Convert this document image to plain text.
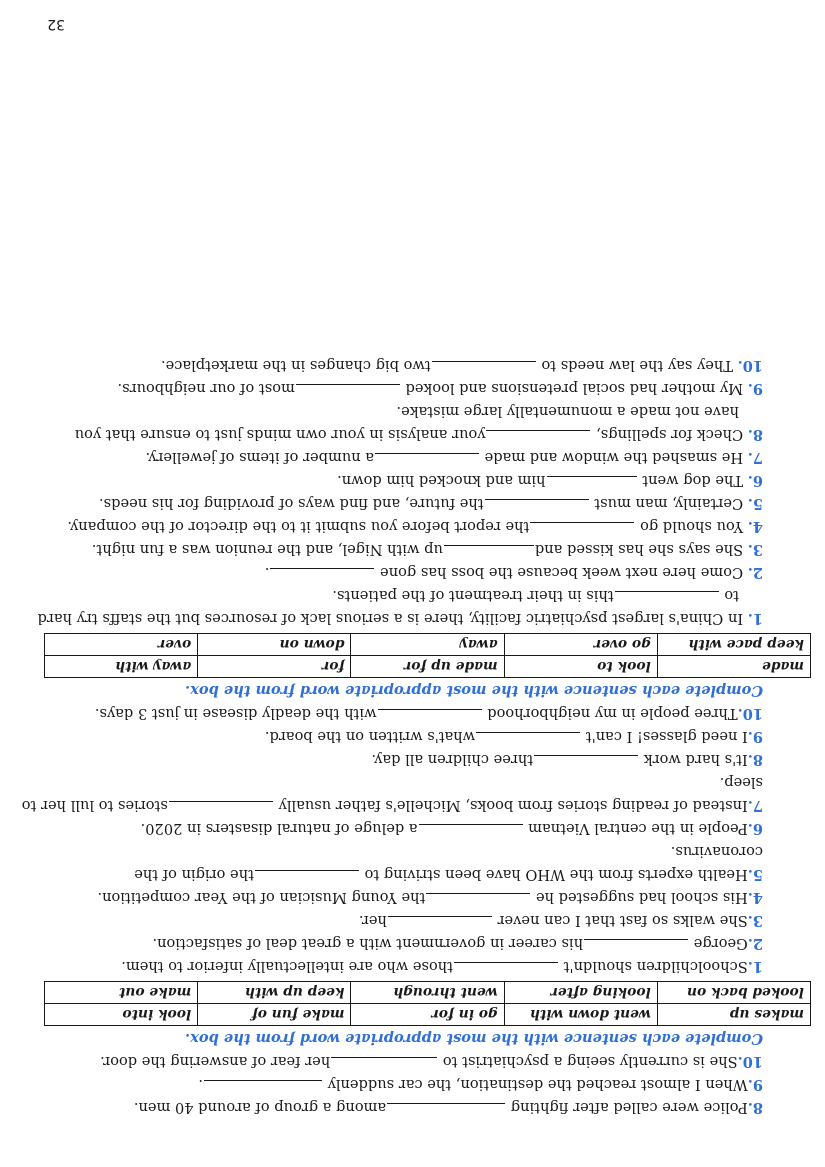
8.Police were called after fighting among a group of around 40 men.
9.When I almost reached the destination, the car suddenly .
10.She is currently seeing a psychiatrist to her fear of answering the door.
Complete each sentence with the most appropriate word from the box.
makes up	went down with	go in for	make fun of	look into
looked back on	looking after	went through	keep up with	make out
1.Schoolchildren shouldn't those who are intellectually inferior to them.
2.George his career in government with a great deal of satisfaction.
3.She walks so fast that I can never her.
4.His school had suggested he the Young Musician of the Year competition.
5.Health experts from the WHO have been striving to the origin of the
coronavirus.
6.People in the central Vietnam a deluge of natural disasters in 2020.
7.Instead of reading stories from books, Michelle's father usually stories to lull her to
sleep.
8.It's hard work three children all day.
9.I need glasses! I can't what's written on the board.
10.Three people in my neighborhood with the deadly disease in just 3 days.
Complete each sentence with the most appropriate word from the box.
made	look to	made up for	for	away with
keep pace with	go over	away	down on	over
1. In China's largest psychiatric facility, there is a serious lack of resources but the staffs try hard
to this in their treatment of the patients.
2. Come here next week because the boss has gone .
3. She says she has kissed andup with Nigel, and the reunion was a fun night.
4. You should go the report before you submit it to the director of the company.
5. Certainly, man must the future, and find ways of providing for his needs.
6. The dog went him and knocked him down.
7. He smashed the window and made a number of items of jewellery.
8. Check for spellings, your analysis in your own minds just to ensure that you
have not made a monumentally large mistake.
9. My mother had social pretensions and looked most of our neighbours.
10. They say the law needs to two big changes in the marketplace.
32
